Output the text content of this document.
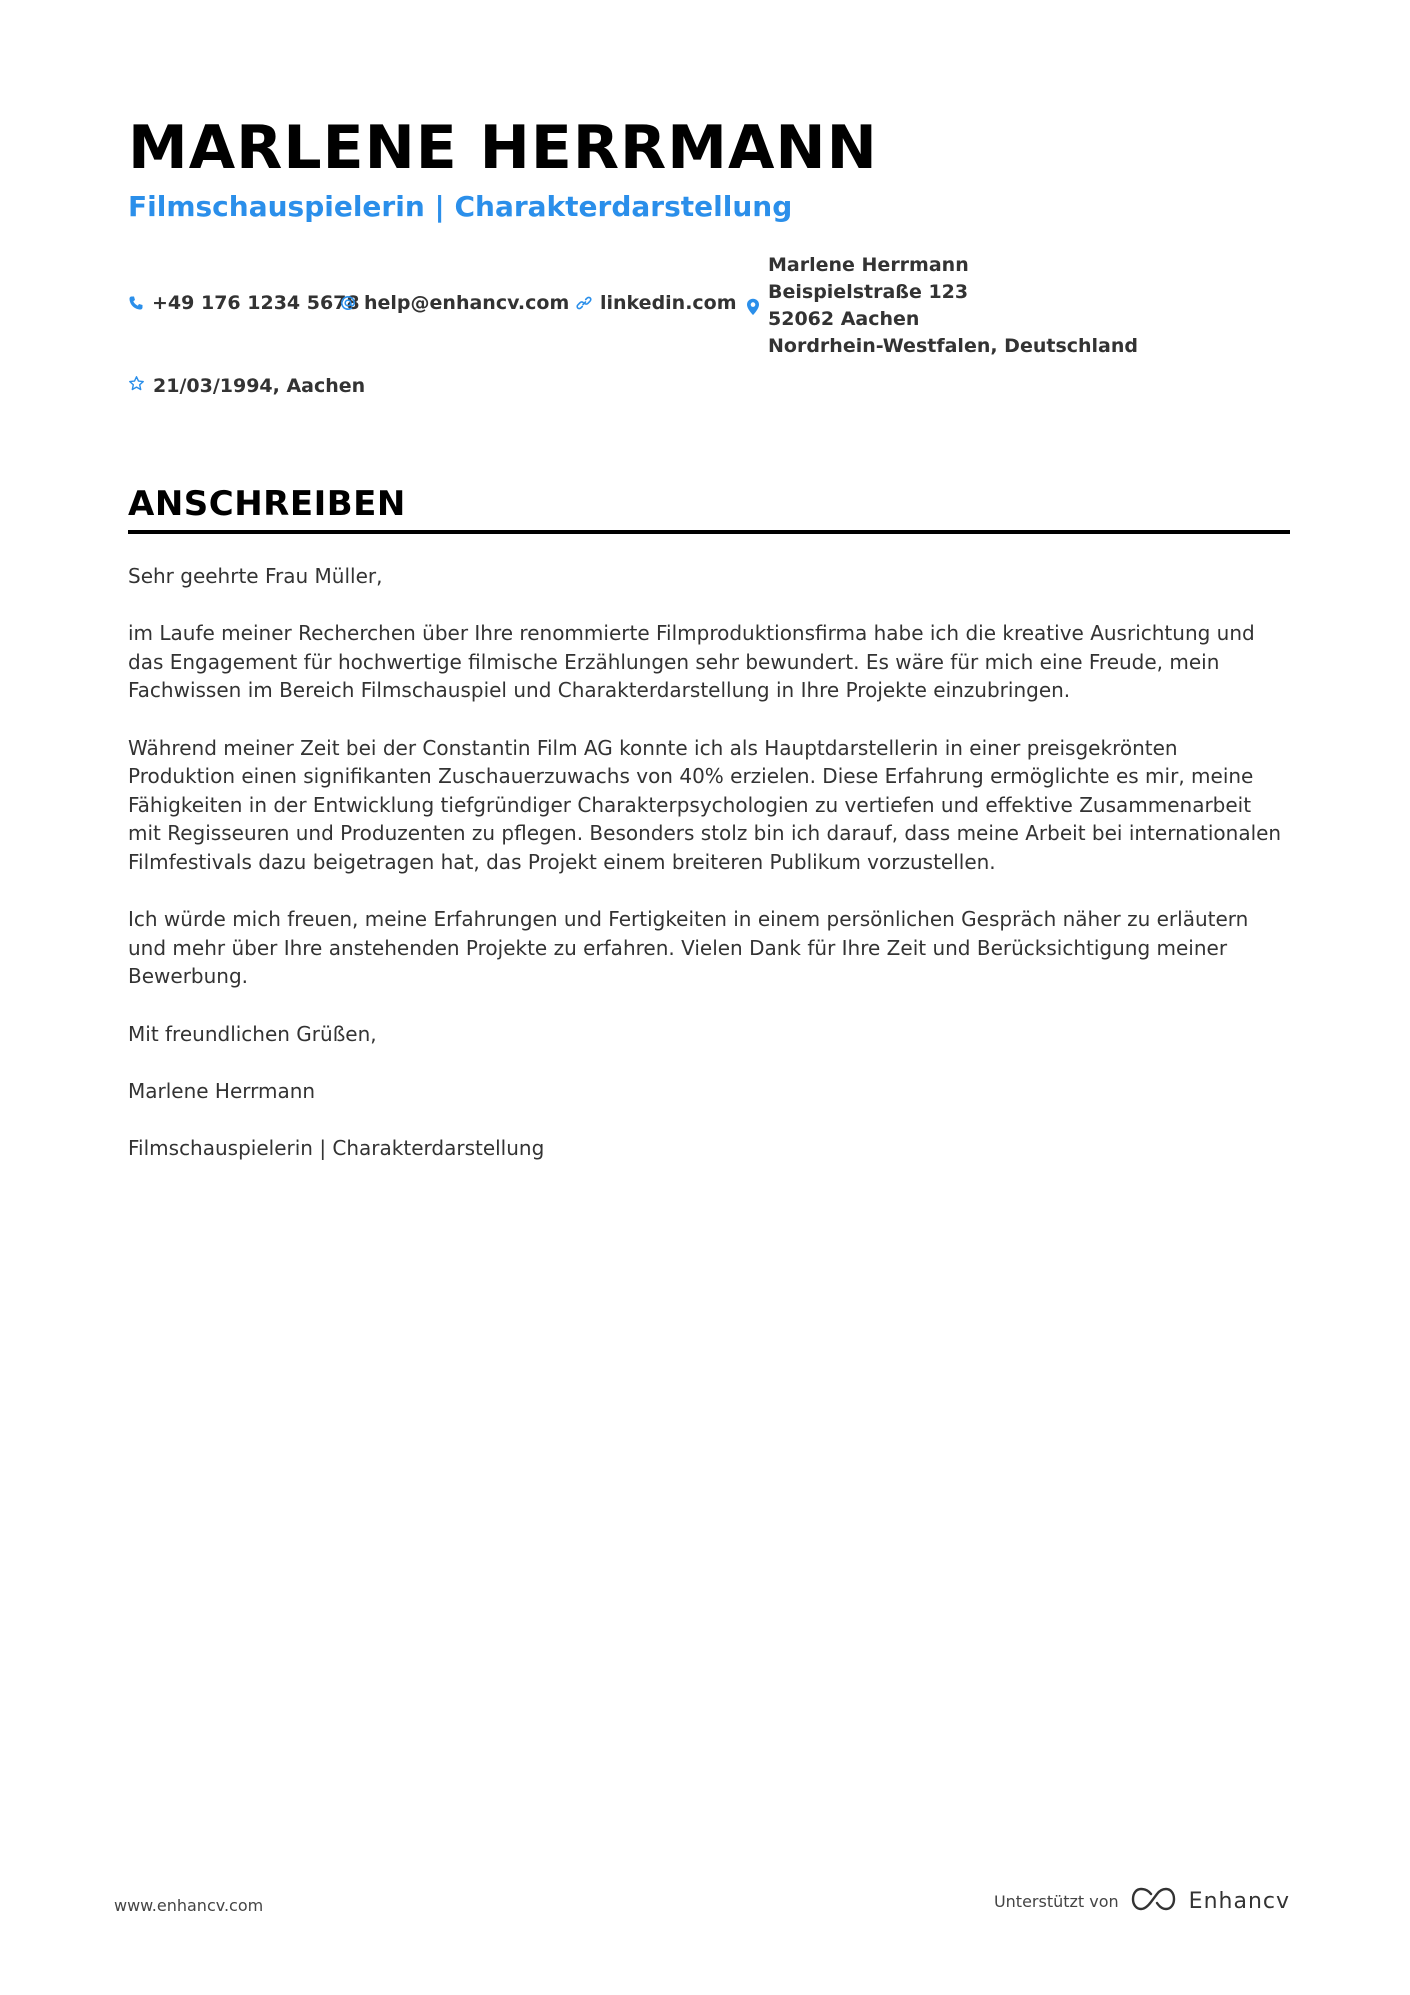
MARLENE HERRMANN
Filmschauspielerin | Charakterdarstellung
+49 176 1234 5678 help@enhancv.com linkedin.com
Marlene Herrmann
Beispielstraße 123
52062 Aachen
Nordrhein-Westfalen, Deutschland
21/03/1994, Aachen
ANSCHREIBEN

Sehr geehrte Frau Müller,

im Laufe meiner Recherchen über Ihre renommierte Filmproduktionsfirma habe ich die kreative Ausrichtung und das Engagement für hochwertige filmische Erzählungen sehr bewundert. Es wäre für mich eine Freude, mein Fachwissen im Bereich Filmschauspiel und Charakterdarstellung in Ihre Projekte einzubringen.

Während meiner Zeit bei der Constantin Film AG konnte ich als Hauptdarstellerin in einer preisgekrönten Produktion einen signifikanten Zuschauerzuwachs von 40% erzielen. Diese Erfahrung ermöglichte es mir, meine Fähigkeiten in der Entwicklung tiefgründiger Charakterpsychologien zu vertiefen und effektive Zusammenarbeit mit Regisseuren und Produzenten zu pflegen. Besonders stolz bin ich darauf, dass meine Arbeit bei internationalen Filmfestivals dazu beigetragen hat, das Projekt einem breiteren Publikum vorzustellen.

Ich würde mich freuen, meine Erfahrungen und Fertigkeiten in einem persönlichen Gespräch näher zu erläutern und mehr über Ihre anstehenden Projekte zu erfahren. Vielen Dank für Ihre Zeit und Berücksichtigung meiner Bewerbung.

Mit freundlichen Grüßen,

Marlene Herrmann

Filmschauspielerin | Charakterdarstellung

www.enhancv.com	Unterstützt von	Enhancv
